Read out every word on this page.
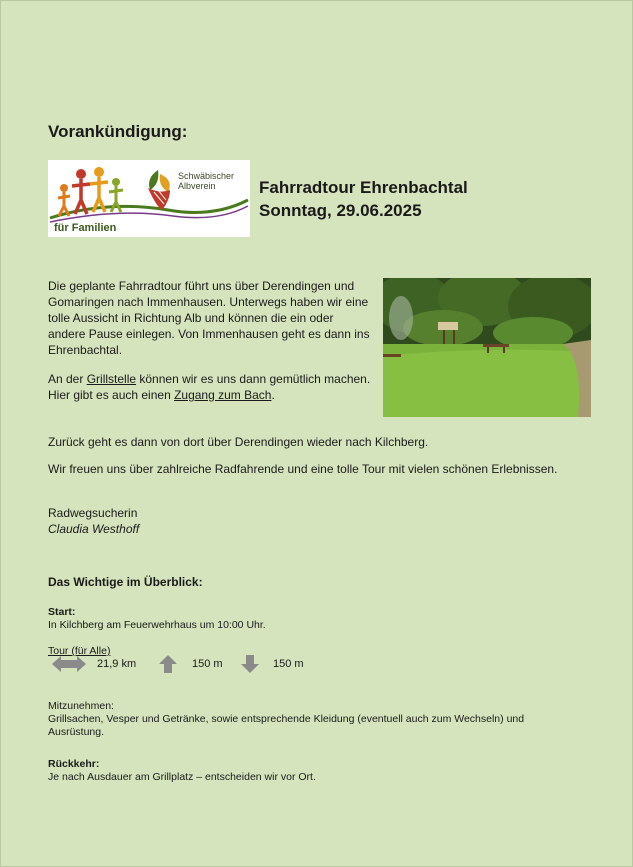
Vorankündigung:
Schwäbischer
Albverein
für Familien
Fahrradtour Ehrenbachtal
Sonntag, 29.06.2025
Die geplante Fahrradtour führt uns über Derendingen und Gomaringen nach Immenhausen. Unterwegs haben wir eine tolle Aussicht in Richtung Alb und können die ein oder andere Pause einlegen. Von Immenhausen geht es dann ins Ehrenbachtal.
An der Grillstelle können wir es uns dann gemütlich machen. Hier gibt es auch einen Zugang zum Bach.
Zurück geht es dann von dort über Derendingen wieder nach Kilchberg.
Wir freuen uns über zahlreiche Radfahrende und eine tolle Tour mit vielen schönen Erlebnissen.
Radwegsucherin
Claudia Westhoff
Das Wichtige im Überblick:
Start:
In Kilchberg am Feuerwehrhaus um 10:00 Uhr.
Tour (für Alle)
21,9 km	150 m	150 m
Mitzunehmen:
Grillsachen, Vesper und Getränke, sowie entsprechende Kleidung (eventuell auch zum Wechseln) und Ausrüstung.
Rückkehr:
Je nach Ausdauer am Grillplatz – entscheiden wir vor Ort.
